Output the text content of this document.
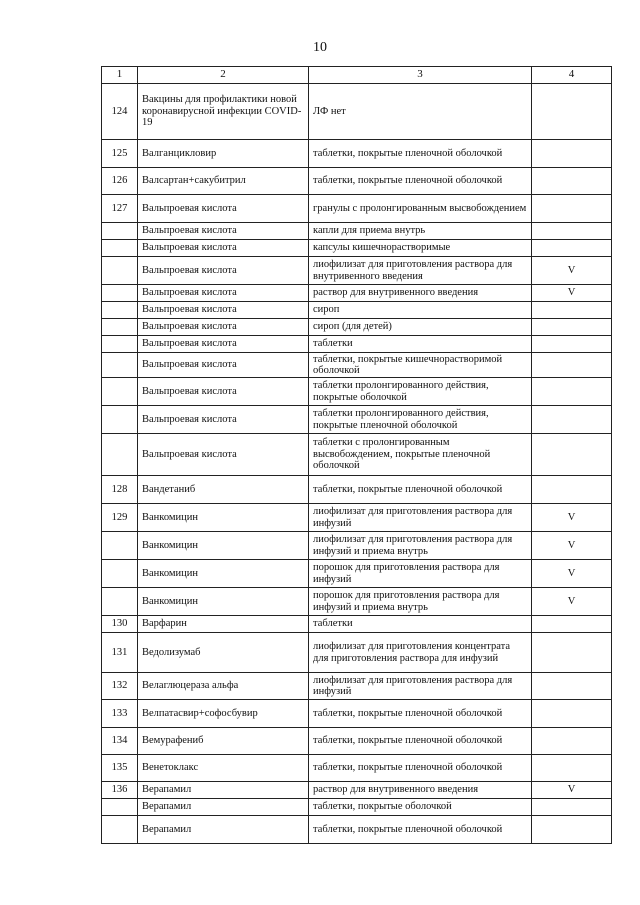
10
1	2	3	4
124	Вакцины для профилактики новой коронавирусной инфекции COVID-19	ЛФ нет	
125	Валганцикловир	таблетки, покрытые пленочной оболочкой	
126	Валсартан+сакубитрил	таблетки, покрытые пленочной оболочкой	
127	Вальпроевая кислота	гранулы с пролонгированным высвобождением	
	Вальпроевая кислота	капли для приема внутрь	
	Вальпроевая кислота	капсулы кишечнорастворимые	
	Вальпроевая кислота	лиофилизат для приготовления раствора для внутривенного введения	V
	Вальпроевая кислота	раствор для внутривенного введения	V
	Вальпроевая кислота	сироп	
	Вальпроевая кислота	сироп (для детей)	
	Вальпроевая кислота	таблетки	
	Вальпроевая кислота	таблетки, покрытые кишечнорастворимой оболочкой	
	Вальпроевая кислота	таблетки пролонгированного действия, покрытые оболочкой	
	Вальпроевая кислота	таблетки пролонгированного действия, покрытые пленочной оболочкой	
	Вальпроевая кислота	таблетки с пролонгированным высвобождением, покрытые пленочной оболочкой	
128	Вандетаниб	таблетки, покрытые пленочной оболочкой	
129	Ванкомицин	лиофилизат для приготовления раствора для инфузий	V
	Ванкомицин	лиофилизат для приготовления раствора для инфузий и приема внутрь	V
	Ванкомицин	порошок для приготовления раствора для инфузий	V
	Ванкомицин	порошок для приготовления раствора для инфузий и приема внутрь	V
130	Варфарин	таблетки	
131	Ведолизумаб	лиофилизат для приготовления концентрата для приготовления раствора для инфузий	
132	Велаглюцераза альфа	лиофилизат для приготовления раствора для инфузий	
133	Велпатасвир+софосбувир	таблетки, покрытые пленочной оболочкой	
134	Вемурафениб	таблетки, покрытые пленочной оболочкой	
135	Венетоклакс	таблетки, покрытые пленочной оболочкой	
136	Верапамил	раствор для внутривенного введения	V
	Верапамил	таблетки, покрытые оболочкой	
	Верапамил	таблетки, покрытые пленочной оболочкой	
